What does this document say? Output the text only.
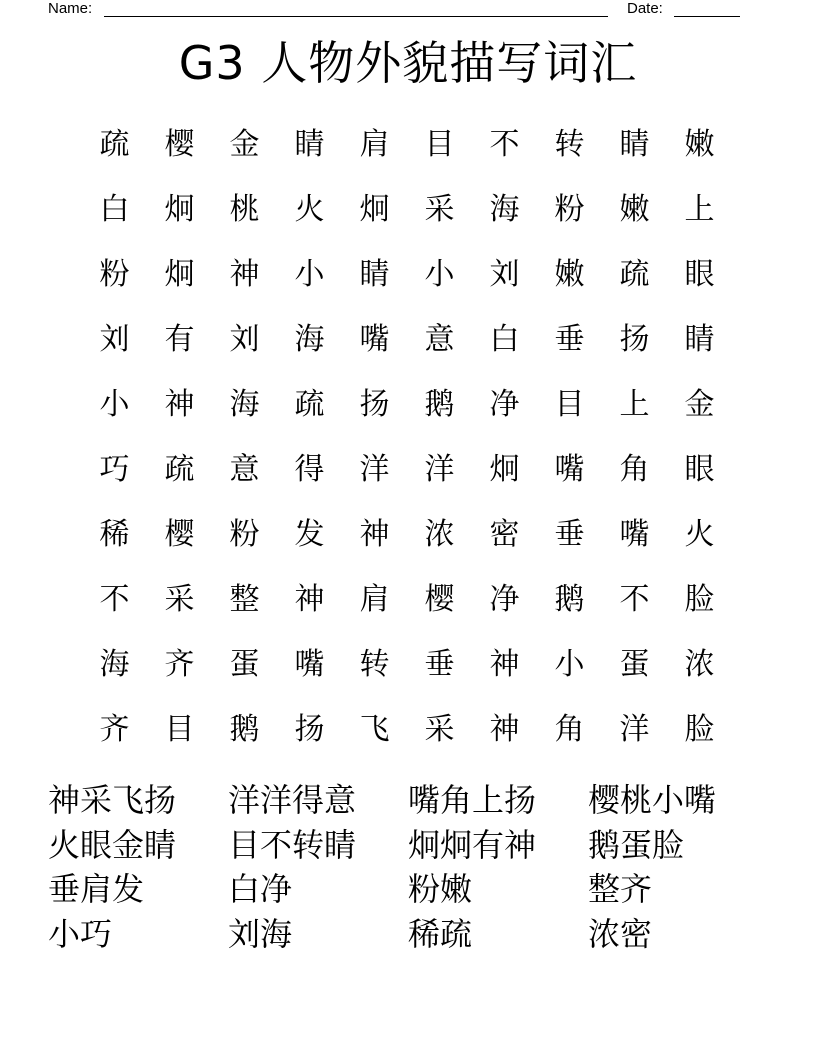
Name:	Date:
G3 人物外貌描写词汇
疏	樱	金	睛	肩	目	不	转	睛	嫩
白	炯	桃	火	炯	采	海	粉	嫩	上
粉	炯	神	小	睛	小	刘	嫩	疏	眼
刘	有	刘	海	嘴	意	白	垂	扬	睛
小	神	海	疏	扬	鹅	净	目	上	金
巧	疏	意	得	洋	洋	炯	嘴	角	眼
稀	樱	粉	发	神	浓	密	垂	嘴	火
不	采	整	神	肩	樱	净	鹅	不	脸
海	齐	蛋	嘴	转	垂	神	小	蛋	浓
齐	目	鹅	扬	飞	采	神	角	洋	脸
神采飞扬	洋洋得意	嘴角上扬	樱桃小嘴
火眼金睛	目不转睛	炯炯有神	鹅蛋脸
垂肩发	白净	粉嫩	整齐
小巧	刘海	稀疏	浓密
